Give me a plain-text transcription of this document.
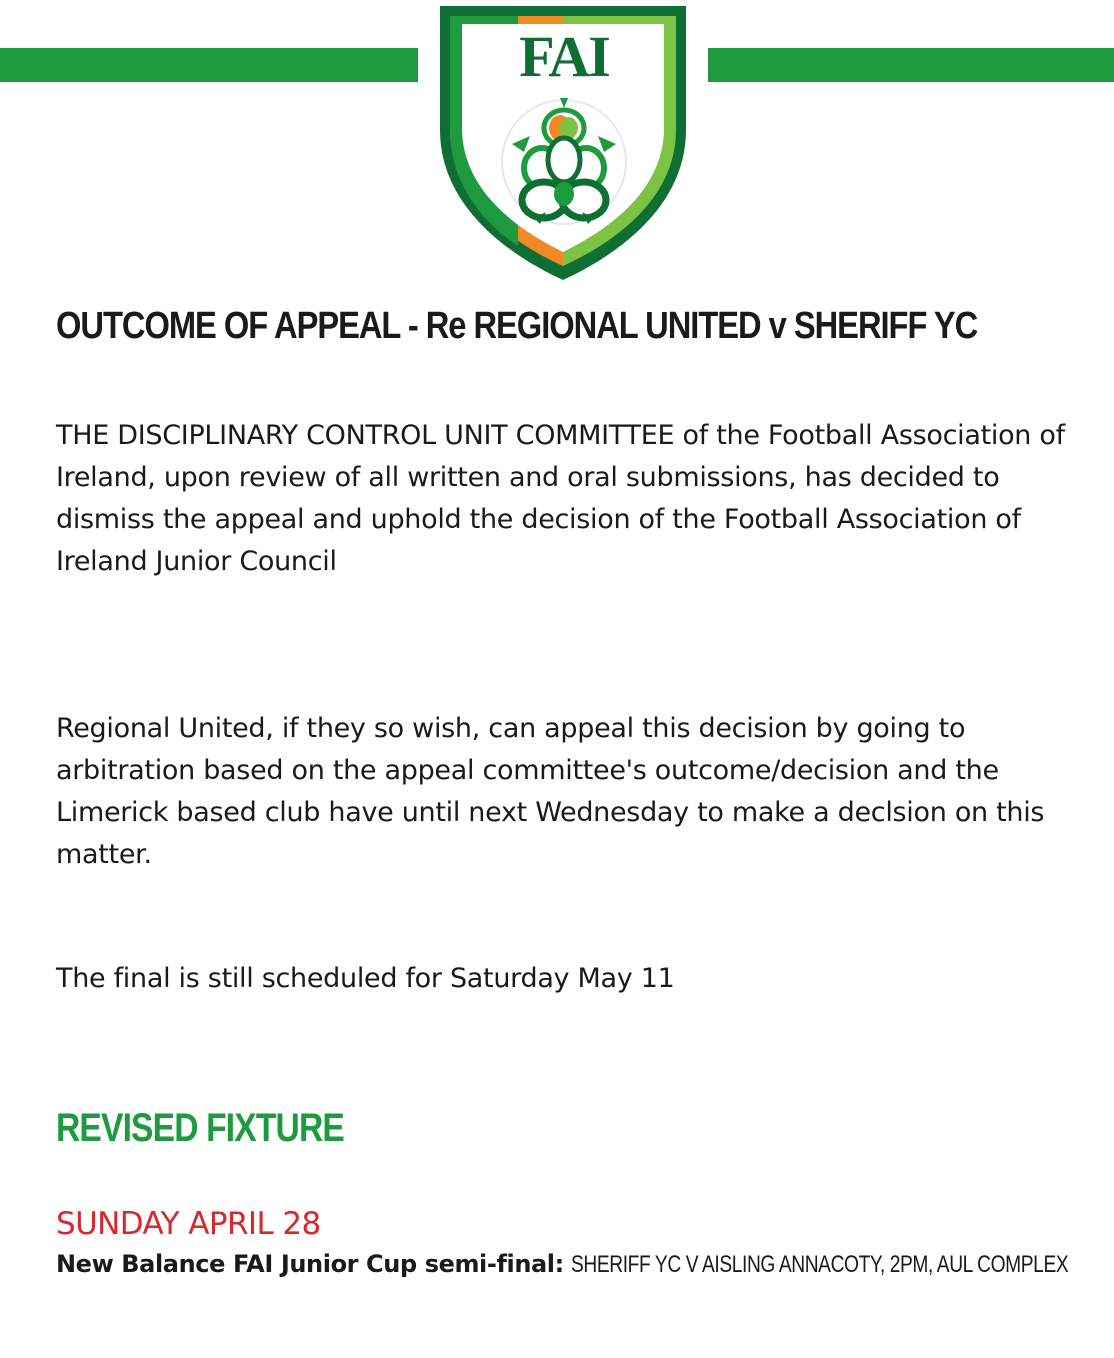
FAI
OUTCOME OF APPEAL - Re REGIONAL UNITED v SHERIFF YC

THE DISCIPLINARY CONTROL UNIT COMMITTEE of the Football Association of Ireland, upon review of all written and oral submissions, has decided to dismiss the appeal and uphold the decision of the Football Association of Ireland Junior Council

Regional United, if they so wish, can appeal this decision by going to arbitration based on the appeal committee's outcome/decision and the Limerick based club have until next Wednesday to make a declsion on this matter.

The final is still scheduled for Saturday May 11

REVISED FIXTURE
SUNDAY APRIL 28
New Balance FAI Junior Cup semi-final: SHERIFF YC V AISLING ANNACOTY, 2PM, AUL COMPLEX
